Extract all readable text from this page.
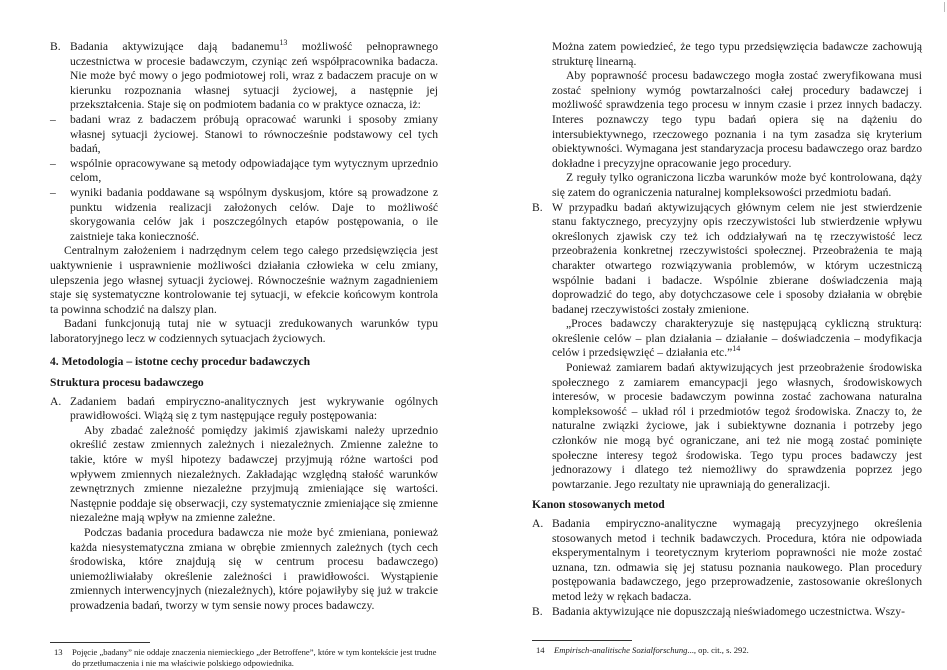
B. Badania aktywizujące dają badanemu$^{13}$ możliwość pełnoprawnego uczestnictwa w procesie badawczym, czyniąc zeń współpracownika badacza. Nie może być mowy o jego podmiotowej roli, wraz z badaczem pracuje on w kierunku rozpoznania własnej sytuacji życiowej, a następnie jej przekształcenia. Staje się on podmiotem badania co w praktyce oznacza, iż:

– badani wraz z badaczem próbują opracować warunki i sposoby zmiany własnej sytuacji życiowej. Stanowi to równocześnie podstawowy cel tych badań,

– wspólnie opracowywane są metody odpowiadające tym wytycznym uprzednio celom,

– wyniki badania poddawane są wspólnym dyskusjom, które są prowadzone z punktu widzenia realizacji założonych celów. Daje to możliwość skorygowania celów jak i poszczególnych etapów postępowania, o ile zaistnieje taka konieczność.

Centralnym założeniem i nadrzędnym celem tego całego przedsięwzięcia jest uaktywnienie i usprawnienie możliwości działania człowieka w celu zmiany, ulepszenia jego własnej sytuacji życiowej. Równocześnie ważnym zagadnieniem staje się systematyczne kontrolowanie tej sytuacji, w efekcie końcowym kontrola ta powinna schodzić na dalszy plan.

Badani funkcjonują tutaj nie w sytuacji zredukowanych warunków typu laboratoryjnego lecz w codziennych sytuacjach życiowych.

4. Metodologia – istotne cechy procedur badawczych

Struktura procesu badawczego

A. Zadaniem badań empiryczno-analitycznych jest wykrywanie ogólnych prawidłowości. Wiążą się z tym następujące reguły postępowania:

Aby zbadać zależność pomiędzy jakimiś zjawiskami należy uprzednio określić zestaw zmiennych zależnych i niezależnych. Zmienne zależne to takie, które w myśl hipotezy badawczej przyjmują różne wartości pod wpływem zmiennych niezależnych. Zakładając względną stałość warunków zewnętrznych zmienne niezależne przyjmują zmieniające się wartości. Następnie poddaje się obserwacji, czy systematycznie zmieniające się zmienne niezależne mają wpływ na zmienne zależne.

Podczas badania procedura badawcza nie może być zmieniana, ponieważ każda niesystematyczna zmiana w obrębie zmiennych zależnych (tych cech środowiska, które znajdują się w centrum procesu badawczego) uniemożliwiałaby określenie zależności i prawidłowości. Wystąpienie zmiennych interwencyjnych (niezależnych), które pojawiłyby się już w trakcie prowadzenia badań, tworzy w tym sensie nowy proces badawczy.

13 Pojęcie „badany” nie oddaje znaczenia niemieckiego „der Betroffene”, które w tym kontekście jest trudne do przetłumaczenia i nie ma właściwie polskiego odpowiednika.

Można zatem powiedzieć, że tego typu przedsięwzięcia badawcze zachowują strukturę linearną.

Aby poprawność procesu badawczego mogła zostać zweryfikowana musi zostać spełniony wymóg powtarzalności całej procedury badawczej i możliwość sprawdzenia tego procesu w innym czasie i przez innych badaczy. Interes poznawczy tego typu badań opiera się na dążeniu do intersubiektywnego, rzeczowego poznania i na tym zasadza się kryterium obiektywności. Wymagana jest standaryzacja procesu badawczego oraz bardzo dokładne i precyzyjne opracowanie jego procedury.

Z reguły tylko ograniczona liczba warunków może być kontrolowana, dąży się zatem do ograniczenia naturalnej kompleksowości przedmiotu badań.

B. W przypadku badań aktywizujących głównym celem nie jest stwierdzenie stanu faktycznego, precyzyjny opis rzeczywistości lub stwierdzenie wpływu określonych zjawisk czy też ich oddziaływań na tę rzeczywistość lecz przeobrażenia konkretnej rzeczywistości społecznej. Przeobrażenia te mają charakter otwartego rozwiązywania problemów, w którym uczestniczą wspólnie badani i badacze. Wspólnie zbierane doświadczenia mają doprowadzić do tego, aby dotychczasowe cele i sposoby działania w obrębie badanej rzeczywistości zostały zmienione.

„Proces badawczy charakteryzuje się następującą cykliczną strukturą: określenie celów – plan działania – działanie – doświadczenia – modyfikacja celów i przedsięwzięć – działania etc.”$^{14}$

Ponieważ zamiarem badań aktywizujących jest przeobrażenie środowiska społecznego z zamiarem emancypacji jego własnych, środowiskowych interesów, w procesie badawczym powinna zostać zachowana naturalna kompleksowość – układ ról i przedmiotów tegoż środowiska. Znaczy to, że naturalne związki życiowe, jak i subiektywne doznania i potrzeby jego członków nie mogą być ograniczane, ani też nie mogą zostać pominięte społeczne interesy tegoż środowiska. Tego typu proces badawczy jest jednorazowy i dlatego też niemożliwy do sprawdzenia poprzez jego powtarzanie. Jego rezultaty nie uprawniają do generalizacji.

Kanon stosowanych metod

A. Badania empiryczno-analityczne wymagają precyzyjnego określenia stosowanych metod i technik badawczych. Procedura, która nie odpowiada eksperymentalnym i teoretycznym kryteriom poprawności nie może zostać uznana, tzn. odmawia się jej statusu poznania naukowego. Plan procedury postępowania badawczego, jego przeprowadzenie, zastosowanie określonych metod leży w rękach badacza.

B. Badania aktywizujące nie dopuszczają nieświadomego uczestnictwa. Wszy-

14 Empirisch-analitische Sozialforschung..., op. cit., s. 292.
